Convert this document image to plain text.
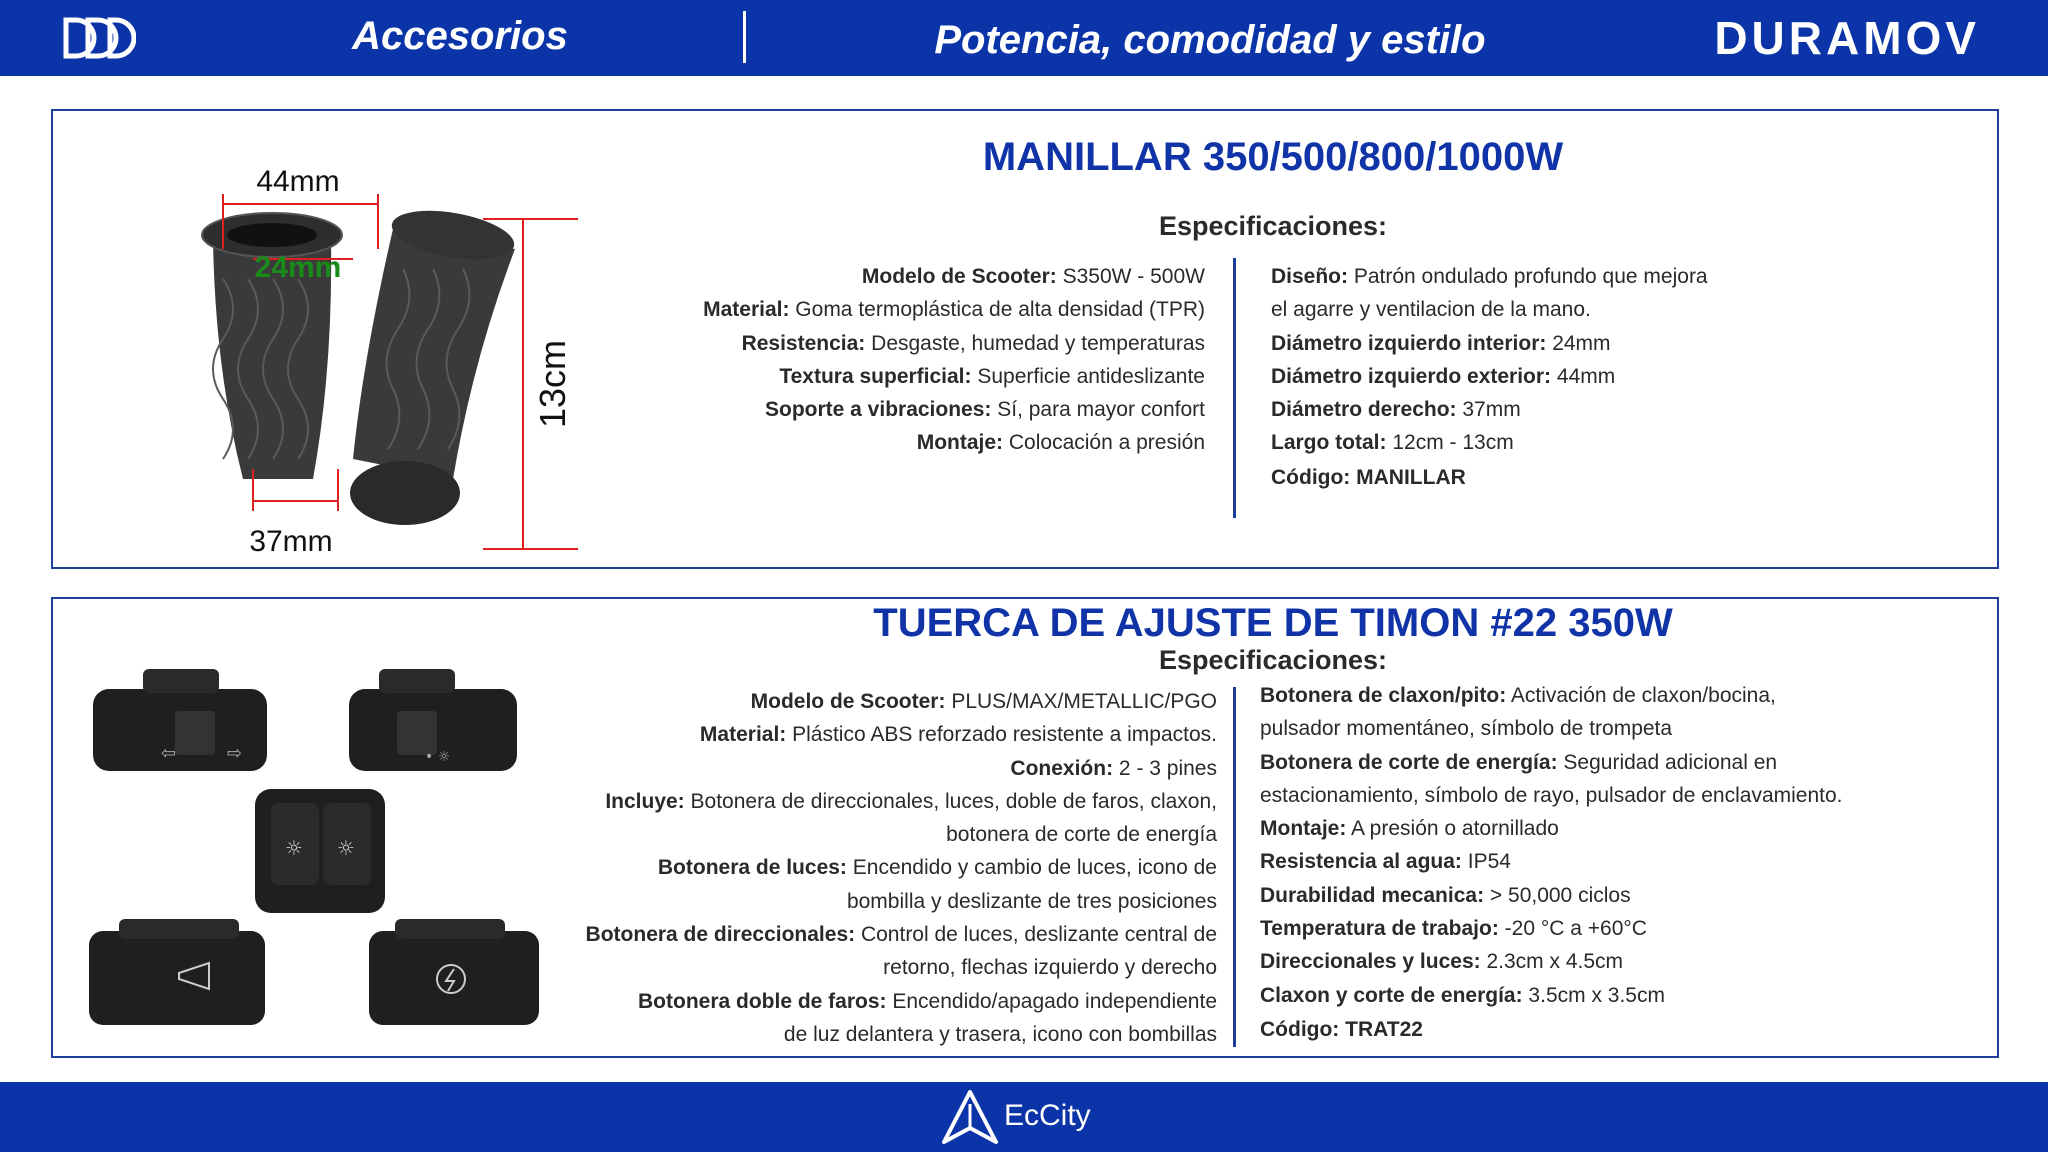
Accesorios	Potencia, comodidad y estilo	DURAMOV
44mm
24mm
37mm
13cm
MANILLAR 350/500/800/1000W
Especificaciones:
Modelo de Scooter: S350W - 500W
Material: Goma termoplástica de alta densidad (TPR)
Resistencia: Desgaste, humedad y temperaturas
Textura superficial: Superficie antideslizante
Soporte a vibraciones: Sí, para mayor confort
Montaje: Colocación a presión
Diseño: Patrón ondulado profundo que mejora
el agarre y ventilacion de la mano.
Diámetro izquierdo interior: 24mm
Diámetro izquierdo exterior: 44mm
Diámetro derecho: 37mm
Largo total: 12cm - 13cm
Código: MANILLAR
⇦	⇨	• ☼
☼ ☼
TUERCA DE AJUSTE DE TIMON #22 350W
Especificaciones:
Modelo de Scooter: PLUS/MAX/METALLIC/PGO
Material: Plástico ABS reforzado resistente a impactos.
Conexión: 2 - 3 pines
Incluye: Botonera de direccionales, luces, doble de faros, claxon,
botonera de corte de energía
Botonera de luces: Encendido y cambio de luces, icono de
bombilla y deslizante de tres posiciones
Botonera de direccionales: Control de luces, deslizante central de
retorno, flechas izquierdo y derecho
Botonera doble de faros: Encendido/apagado independiente
de luz delantera y trasera, icono con bombillas
Botonera de claxon/pito: Activación de claxon/bocina,
pulsador momentáneo, símbolo de trompeta
Botonera de corte de energía: Seguridad adicional en
estacionamiento, símbolo de rayo, pulsador de enclavamiento.
Montaje: A presión o atornillado
Resistencia al agua: IP54
Durabilidad mecanica: > 50,000 ciclos
Temperatura de trabajo: -20 °C a +60°C
Direccionales y luces: 2.3cm x 4.5cm
Claxon y corte de energía: 3.5cm x 3.5cm
Código: TRAT22
EcCity
